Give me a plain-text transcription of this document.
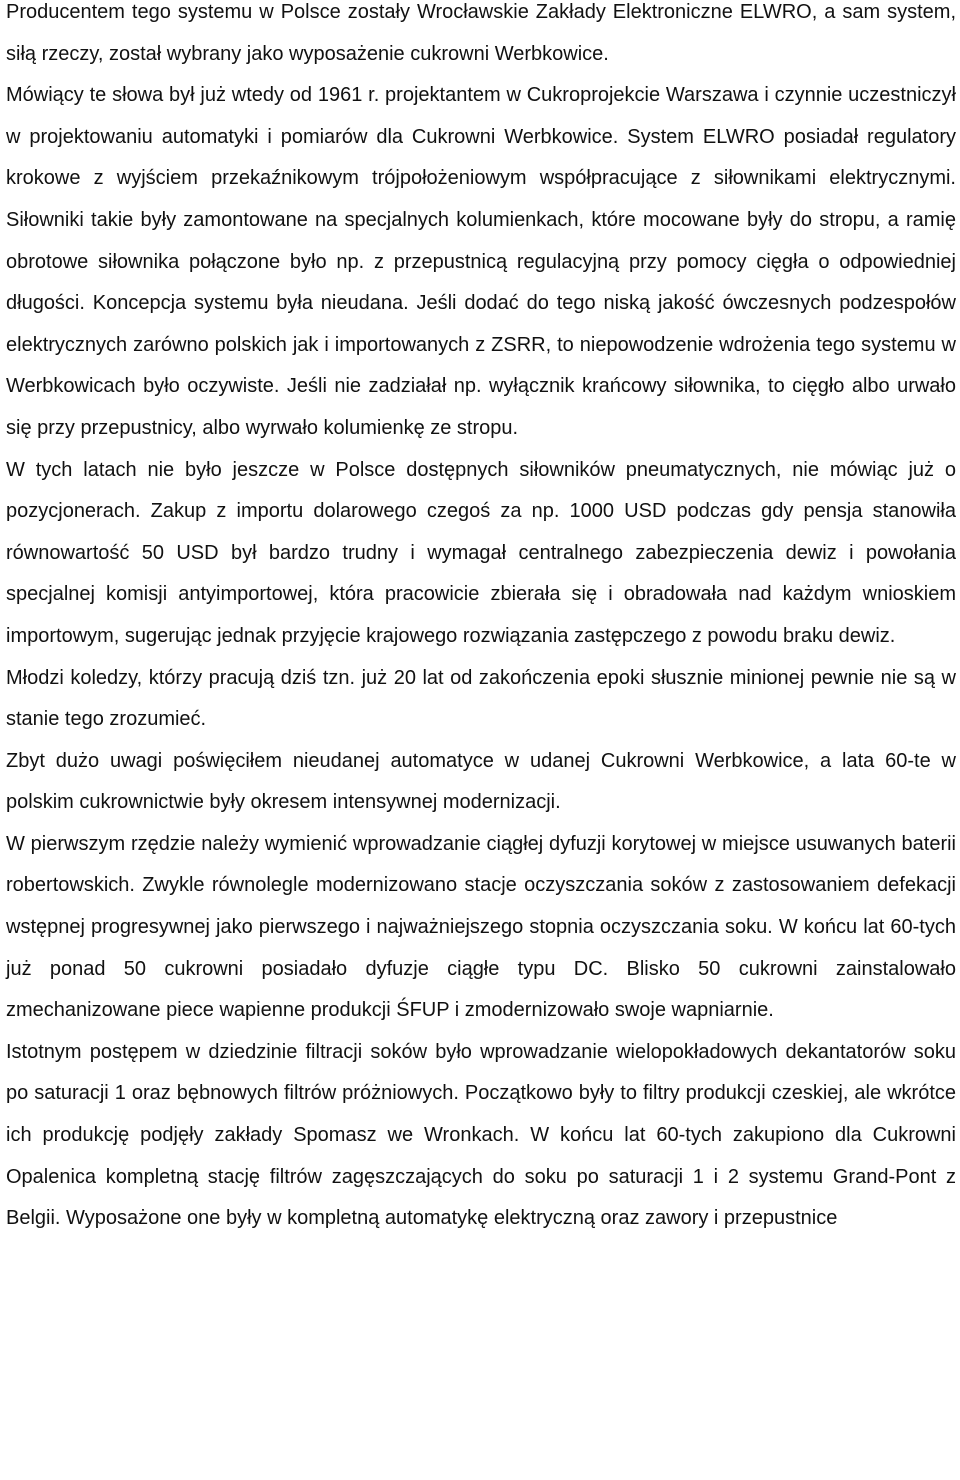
Producentem tego systemu w Polsce zostały Wrocławskie Zakłady Elektroniczne ELWRO, a sam system, siłą rzeczy, został wybrany jako wyposażenie cukrowni Werbkowice.

Mówiący te słowa był już wtedy od 1961 r. projektantem w Cukroprojekcie Warszawa i czynnie uczestniczył w projektowaniu automatyki i pomiarów dla Cukrowni Werbkowice. System ELWRO posiadał regulatory krokowe z wyjściem przekaźnikowym trójpołożeniowym współpracujące z siłownikami elektrycznymi. Siłowniki takie były zamontowane na specjalnych kolumienkach, które mocowane były do stropu, a ramię obrotowe siłownika połączone było np. z przepustnicą regulacyjną przy pomocy cięgła o odpowiedniej długości. Koncepcja systemu była nieudana. Jeśli dodać do tego niską jakość ówczesnych podzespołów elektrycznych zarówno polskich jak i importowanych z ZSRR, to niepowodzenie wdrożenia tego systemu w Werbkowicach było oczywiste. Jeśli nie zadziałał np. wyłącznik krańcowy siłownika, to cięgło albo urwało się przy przepustnicy, albo wyrwało kolumienkę ze stropu.

W tych latach nie było jeszcze w Polsce dostępnych siłowników pneumatycznych, nie mówiąc już o pozycjonerach. Zakup z importu dolarowego czegoś za np. 1000 USD podczas gdy pensja stanowiła równowartość 50 USD był bardzo trudny i wymagał centralnego zabezpieczenia dewiz i powołania specjalnej komisji antyimportowej, która pracowicie zbierała się i obradowała nad każdym wnioskiem importowym, sugerując jednak przyjęcie krajowego rozwiązania zastępczego z powodu braku dewiz.

Młodzi koledzy, którzy pracują dziś tzn. już 20 lat od zakończenia epoki słusznie minionej pewnie nie są w stanie tego zrozumieć.

Zbyt dużo uwagi poświęciłem nieudanej automatyce w udanej Cukrowni Werbkowice, a lata 60-te w polskim cukrownictwie były okresem intensywnej modernizacji.

W pierwszym rzędzie należy wymienić wprowadzanie ciągłej dyfuzji korytowej w miejsce usuwanych baterii robertowskich. Zwykle równolegle modernizowano stacje oczyszczania soków z zastosowaniem defekacji wstępnej progresywnej jako pierwszego i najważniejszego stopnia oczyszczania soku. W końcu lat 60-tych już ponad 50 cukrowni posiadało dyfuzje ciągłe typu DC. Blisko 50 cukrowni zainstalowało zmechanizowane piece wapienne produkcji ŚFUP i zmodernizowało swoje wapniarnie.

Istotnym postępem w dziedzinie filtracji soków było wprowadzanie wielopokładowych dekantatorów soku po saturacji 1 oraz bębnowych filtrów próżniowych. Początkowo były to filtry produkcji czeskiej, ale wkrótce ich produkcję podjęły zakłady Spomasz we Wronkach. W końcu lat 60-tych zakupiono dla Cukrowni Opalenica kompletną stację filtrów zagęszczających do soku po saturacji 1 i 2 systemu Grand-Pont z Belgii. Wyposażone one były w kompletną automatykę elektryczną oraz zawory i przepustnice
